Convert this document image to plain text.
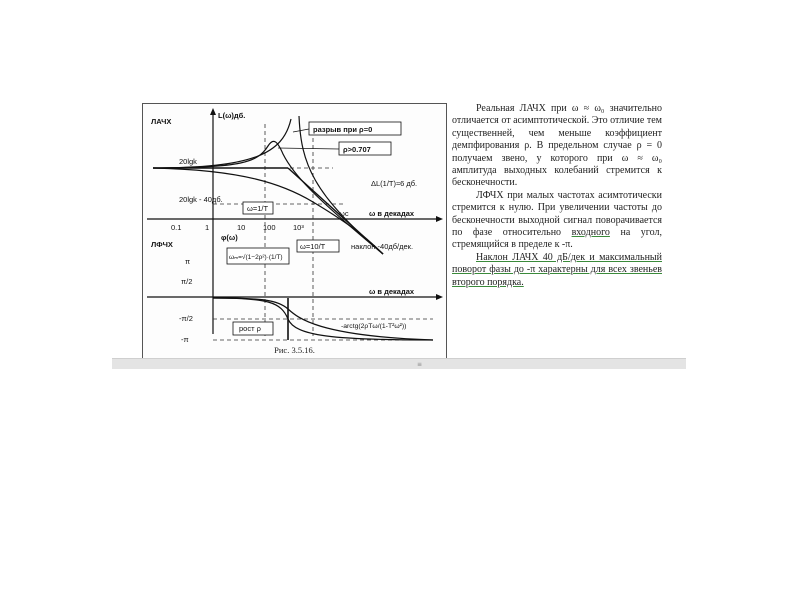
ЛАЧХ
L(ω)дб.
разрыв при ρ=0
ρ>0.707
20lgk
ΔL(1/T)≈6 дб.
20lgk - 40дб.
ω=1/T
ωс	ω в декадах
0.1	1	10 100 10³
ЛФЧХ
φ(ω)
ω=10/T	наклон -40дб/дек.
ωₘ=√(1−2ρ²)·(1/T)
π
π/2
ω в декадах
-π/2
-π
рост ρ	-arctg(2ρTω/(1-T²ω²))
Рис. 3.5.16.

Реальная ЛАЧХ при ω ≈ ω₀ значительно отличается от асимптотической. Это отличие тем существенней, чем меньше коэффициент демпфирования ρ. В предельном случае ρ = 0 получаем звено, у которого при ω ≈ ω₀ амплитуда выходных колебаний стремится к бесконечности.

ЛФЧХ при малых частотах асимтотически стремится к нулю. При увеличении частоты до бесконечности выходной сигнал поворачивается по фазе относительно входного на угол, стремящийся в пределе к -π.

Наклон ЛАЧХ 40 дБ/дек и максимальный поворот фазы до -π характерны для всех звеньев второго порядка.

≡
